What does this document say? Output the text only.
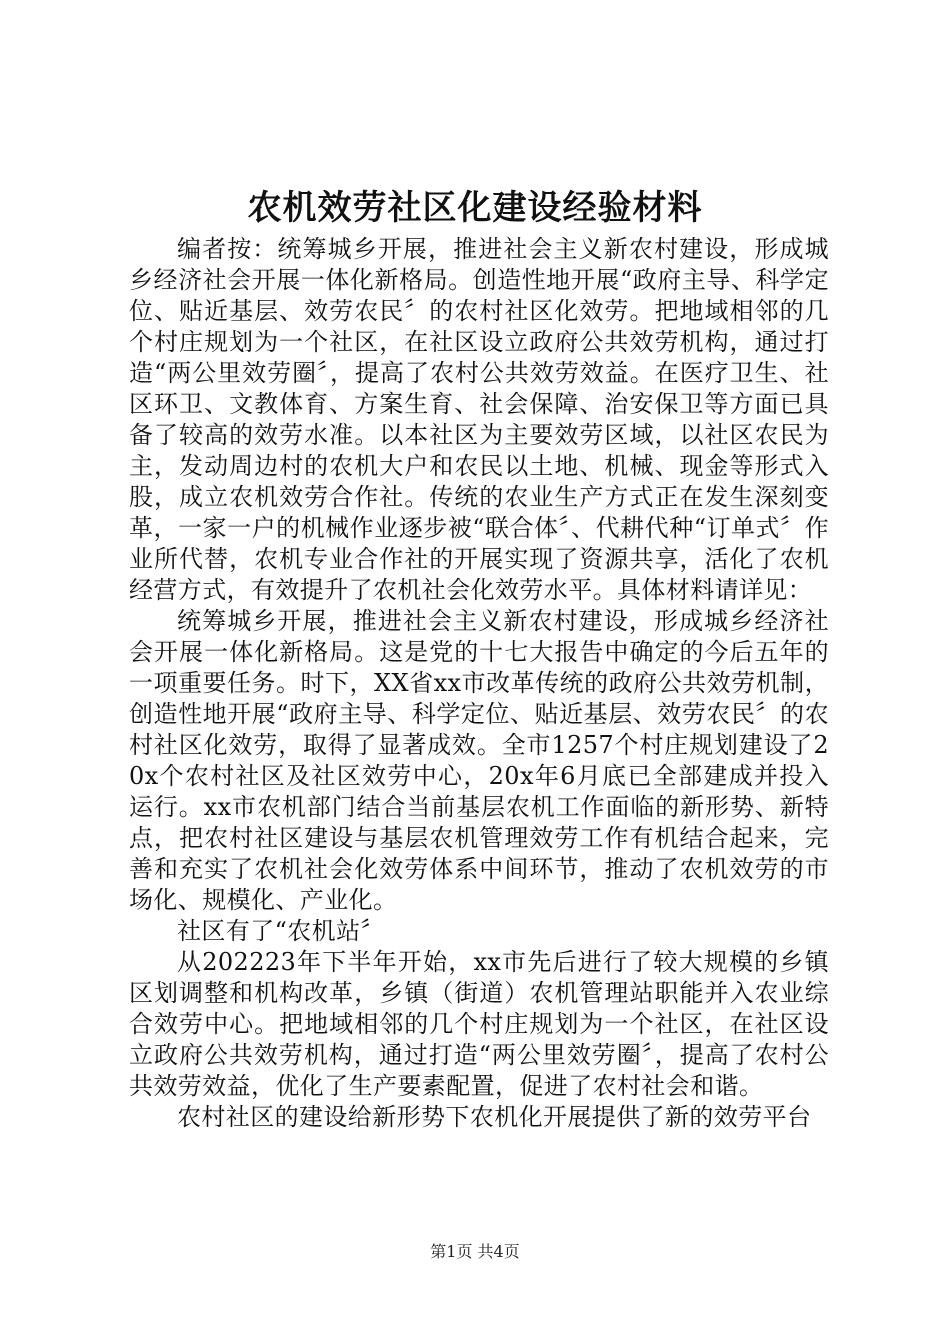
农机效劳社区化建设经验材料

编者按：统筹城乡开展，推进社会主义新农村建设，形成城乡经济社会开展一体化新格局。创造性地开展“政府主导、科学定位、贴近基层、效劳农民〞的农村社区化效劳。把地域相邻的几个村庄规划为一个社区，在社区设立政府公共效劳机构，通过打造“两公里效劳圈〞，提高了农村公共效劳效益。在医疗卫生、社区环卫、文教体育、方案生育、社会保障、治安保卫等方面已具备了较高的效劳水准。以本社区为主要效劳区域，以社区农民为主，发动周边村的农机大户和农民以土地、机械、现金等形式入股，成立农机效劳合作社。传统的农业生产方式正在发生深刻变革，一家一户的机械作业逐步被“联合体〞、代耕代种“订单式〞作业所代替，农机专业合作社的开展实现了资源共享，活化了农机经营方式，有效提升了农机社会化效劳水平。具体材料请详见：

统筹城乡开展，推进社会主义新农村建设，形成城乡经济社会开展一体化新格局。这是党的十七大报告中确定的今后五年的一项重要任务。时下，XX省xx市改革传统的政府公共效劳机制，创造性地开展“政府主导、科学定位、贴近基层、效劳农民〞的农村社区化效劳，取得了显著成效。全市1257个村庄规划建设了20x个农村社区及社区效劳中心，20x年6月底已全部建成并投入运行。xx市农机部门结合当前基层农机工作面临的新形势、新特点，把农村社区建设与基层农机管理效劳工作有机结合起来，完善和充实了农机社会化效劳体系中间环节，推动了农机效劳的市场化、规模化、产业化。

社区有了“农机站〞

从202223年下半年开始，xx市先后进行了较大规模的乡镇区划调整和机构改革，乡镇（街道）农机管理站职能并入农业综合效劳中心。把地域相邻的几个村庄规划为一个社区，在社区设立政府公共效劳机构，通过打造“两公里效劳圈〞，提高了农村公共效劳效益，优化了生产要素配置，促进了农村社会和谐。

农村社区的建设给新形势下农机化开展提供了新的效劳平台

第1页 共4页
